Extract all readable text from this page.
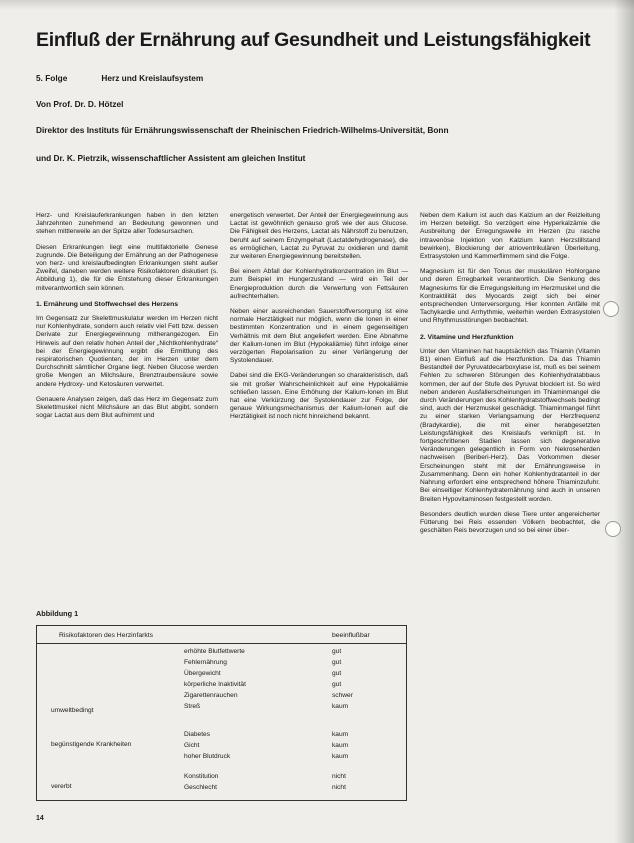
Einfluß der Ernährung auf Gesundheit und Leistungsfähigkeit
5. Folge	Herz und Kreislaufsystem
Von Prof. Dr. D. Hötzel
Direktor des Instituts für Ernährungswissenschaft der Rheinischen Friedrich-Wilhelms-Universität, Bonn
und Dr. K. Pietrzik, wissenschaftlicher Assistent am gleichen Institut

Herz- und Kreislauferkrankungen haben in den letzten Jahrzehnten zunehmend an Bedeutung gewonnen und stehen mittlerweile an der Spitze aller Todesursachen.

Diesen Erkrankungen liegt eine multifaktorielle Genese zugrunde. Die Beteiligung der Ernährung an der Pathogenese von herz- und kreislaufbedingten Erkrankungen steht außer Zweifel, daneben werden weitere Risikofaktoren diskutiert (s. Abbildung 1), die für die Entstehung dieser Erkrankungen mitverantwortlich sein können.

1. Ernährung und Stoffwechsel des Herzens

Im Gegensatz zur Skelettmuskulatur werden im Herzen nicht nur Kohlenhydrate, sondern auch relativ viel Fett bzw. dessen Derivate zur Energiegewinnung mitherangezogen. Ein Hinweis auf den relativ hohen Anteil der „Nichtkohlenhydrate“ bei der Energiegewinnung ergibt die Ermittlung des respiratorischen Quotienten, der im Herzen unter dem Durchschnitt sämtlicher Organe liegt. Neben Glucose werden große Mengen an Milchsäure, Brenztraubensäure sowie andere Hydroxy- und Ketosäuren verwertet.

Genauere Analysen zeigen, daß das Herz im Gegensatz zum Skelettmuskel nicht Milchsäure an das Blut abgibt, sondern sogar Lactat aus dem Blut aufnimmt und

energetisch verwertet. Der Anteil der Energiegewinnung aus Lactat ist gewöhnlich genauso groß wie der aus Glucose. Die Fähigkeit des Herzens, Lactat als Nährstoff zu benutzen, beruht auf seinem Enzymgehalt (Lactatdehydrogenase), die es ermöglichen, Lactat zu Pyruvat zu oxidieren und damit zur weiteren Energiegewinnung bereitstellen.

Bei einem Abfall der Kohlenhydratkonzentration im Blut — zum Beispiel im Hungerzustand — wird ein Teil der Energieproduktion durch die Verwertung von Fettsäuren aufrechterhalten.

Neben einer ausreichenden Sauerstoffversorgung ist eine normale Herztätigkeit nur möglich, wenn die Ionen in einer bestimmten Konzentration und in einem gegenseitigen Verhältnis mit dem Blut angeliefert werden. Eine Abnahme der Kalium-Ionen im Blut (Hypokaliämie) führt infolge einer verzögerten Repolarisation zu einer Verlängerung der Systolendauer.

Dabei sind die EKG-Veränderungen so charakteristisch, daß sie mit großer Wahrscheinlichkeit auf eine Hypokaliämie schließen lassen. Eine Erhöhung der Kalium-Ionen im Blut hat eine Verkürzung der Systolendauer zur Folge, der genaue Wirkungsmechanismus der Kalium-Ionen auf die Herztätigkeit ist noch nicht hinreichend bekannt.

Neben dem Kalium ist auch das Kalzium an der Reizleitung im Herzen beteiligt. So verzögert eine Hyperkalzämie die Ausbreitung der Erregungswelle im Herzen (zu rasche intravenöse Injektion von Kalzium kann Herzstillstand bewirken), Blockierung der atrioventrikulären Überleitung, Extrasystolen und Kammerflimmern sind die Folge.

Magnesium ist für den Tonus der muskulären Hohlorgane und deren Erregbarkeit verantwortlich. Die Senkung des Magnesiums für die Erregungsleitung im Herzmuskel und die Kontraktilität des Myocards zeigt sich bei einer entsprechenden Unterversorgung. Hier konnten Anfälle mit Tachykardie und Arrhythmie, weiterhin werden Extrasystolen und Rhythmusstörungen beobachtet.

2. Vitamine und Herzfunktion

Unter den Vitaminen hat hauptsächlich das Thiamin (Vitamin B1) einen Einfluß auf die Herzfunktion. Da das Thiamin Bestandteil der Pyruvatdecarboxylase ist, muß es bei seinem Fehlen zu schweren Störungen des Kohlenhydratabbaus kommen, der auf der Stufe des Pyruvat blockiert ist. So wird neben anderen Ausfallerscheinungen im Thiaminmangel die durch Veränderungen des Kohlenhydratstoffwechsels bedingt sind, auch der Herzmuskel geschädigt. Thiaminmangel führt zu einer starken Verlangsamung der Herzfrequenz (Bradykardie), die mit einer herabgesetzten Leistungsfähigkeit des Kreislaufs verknüpft ist. In fortgeschrittenen Stadien lassen sich degenerative Veränderungen gelegentlich in Form von Nekroseherden nachweisen (Beriberi-Herz). Das Vorkommen dieser Erscheinungen steht mit der Ernährungsweise in Zusammenhang. Denn ein hoher Kohlenhydratanteil in der Nahrung erfordert eine entsprechend höhere Thiaminzufuhr. Bei einseitiger Kohlenhydraternährung sind auch in unseren Breiten Hypovitaminosen festgestellt worden.

Besonders deutlich wurden diese Tiere unter angereicherter Fütterung bei Reis essenden Völkern beobachtet, die geschälten Reis bevorzugen und so bei einer über-

Abbildung 1
Risikofaktoren des Herzinfarkts	beeinflußbar
umweltbedingt
erhöhte Blutfettwerte
Fehlernährung
Übergewicht
körperliche Inaktivität
Zigarettenrauchen
Streß
gut
gut
gut
gut
schwer
kaum
begünstigende Krankheiten
Diabetes
Gicht
hoher Blutdruck
kaum
kaum
kaum
vererbt
Konstitution
Geschlecht
nicht
nicht
14
